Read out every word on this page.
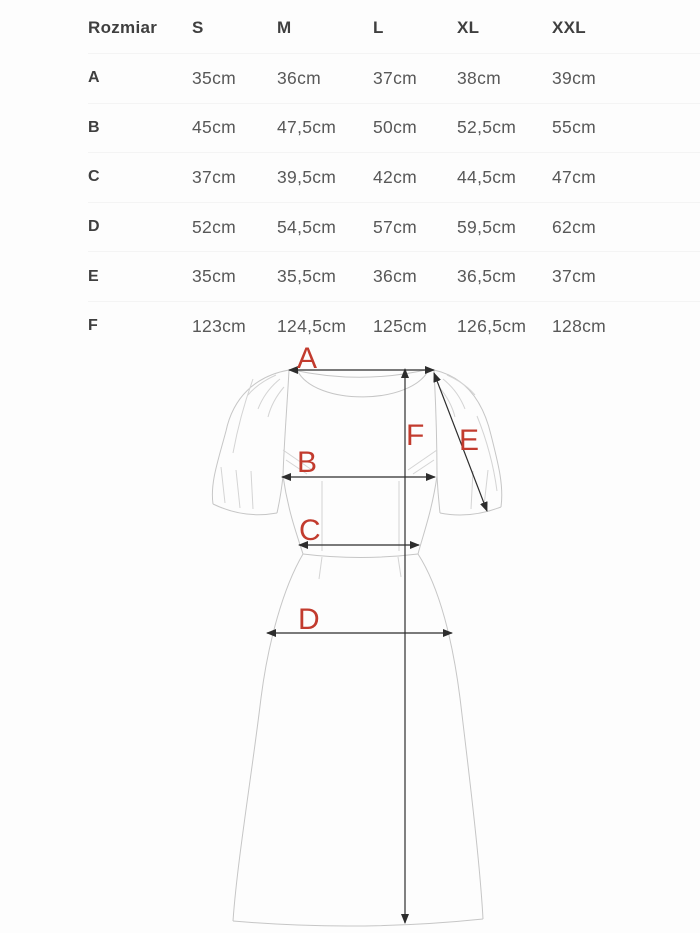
Rozmiar	S	M	L	XL	XXL
A	35cm	36cm	37cm	38cm	39cm
B	45cm	47,5cm	50cm	52,5cm	55cm
C	37cm	39,5cm	42cm	44,5cm	47cm
D	52cm	54,5cm	57cm	59,5cm	62cm
E	35cm	35,5cm	36cm	36,5cm	37cm
F	123cm	124,5cm	125cm	126,5cm	128cm
A
B
C
D
E
F
